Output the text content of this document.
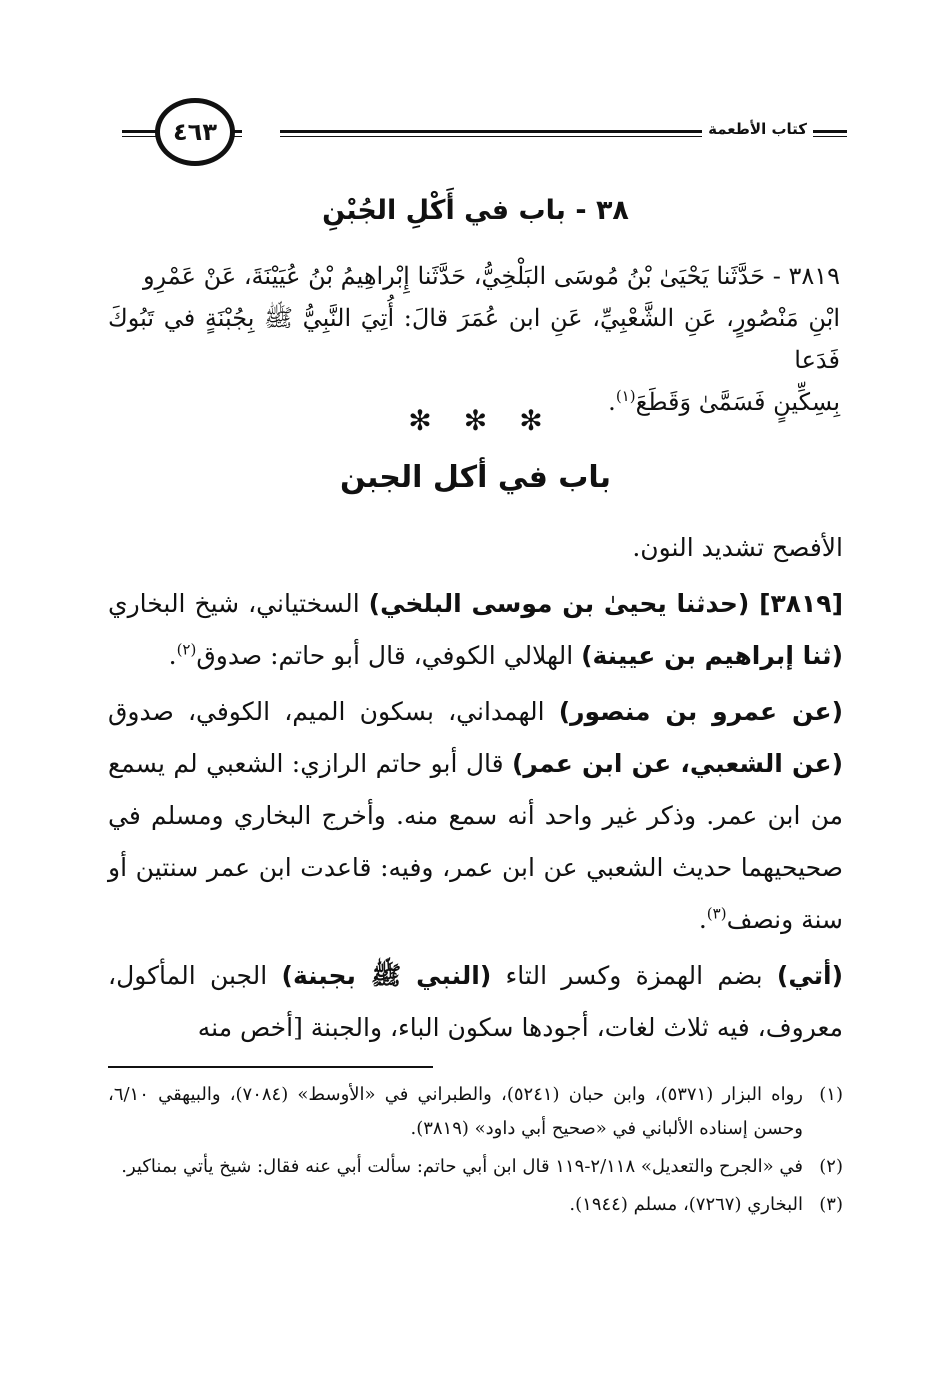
٤٦٣	كتاب الأطعمة
٣٨ - باب في أَكْلِ الجُبْنِ
٣٨١٩ - حَدَّثَنا يَحْيَىٰ بْنُ مُوسَى البَلْخِيُّ، حَدَّثَنا إِبْراهِيمُ بْنُ عُيَيْنَةَ، عَنْ عَمْرِو
ابْنِ مَنْصُورٍ، عَنِ الشَّعْبِيِّ، عَنِ ابن عُمَرَ قالَ: أُتِيَ النَّبِيُّ ﷺ بِجُبْنَةٍ في تَبُوكَ فَدَعا
بِسِكِّينٍ فَسَمَّىٰ وَقَطَعَ$^{(١)}$.
✻ ✻ ✻
باب في أكل الجبن

الأفصح تشديد النون.

[٣٨١٩] (حدثنا يحيىٰ بن موسى البلخي) السختياني، شيخ البخاري (ثنا إبراهيم بن عيينة) الهلالي الكوفي، قال أبو حاتم: صدوق$^{(٢)}$.

(عن عمرو بن منصور) الهمداني، بسكون الميم، الكوفي، صدوق (عن الشعبي، عن ابن عمر) قال أبو حاتم الرازي: الشعبي لم يسمع من ابن عمر. وذكر غير واحد أنه سمع منه. وأخرج البخاري ومسلم في صحيحيهما حديث الشعبي عن ابن عمر، وفيه: قاعدت ابن عمر سنتين أو سنة ونصف$^{(٣)}$.

(أتي) بضم الهمزة وكسر التاء (النبي ﷺ بجبنة) الجبن المأكول، معروف، فيه ثلاث لغات، أجودها سكون الباء، والجبنة [أخص منه

(١)
رواه البزار (٥٣٧١)، وابن حبان (٥٢٤١)، والطبراني في «الأوسط» (٧٠٨٤)، والبيهقي ٦/١٠، وحسن إسناده الألباني في «صحيح أبي داود» (٣٨١٩).
(٢)
في «الجرح والتعديل» ٢/١١٨-١١٩ قال ابن أبي حاتم: سألت أبي عنه فقال: شيخ يأتي بمناكير.
(٣)
البخاري (٧٢٦٧)، مسلم (١٩٤٤).
